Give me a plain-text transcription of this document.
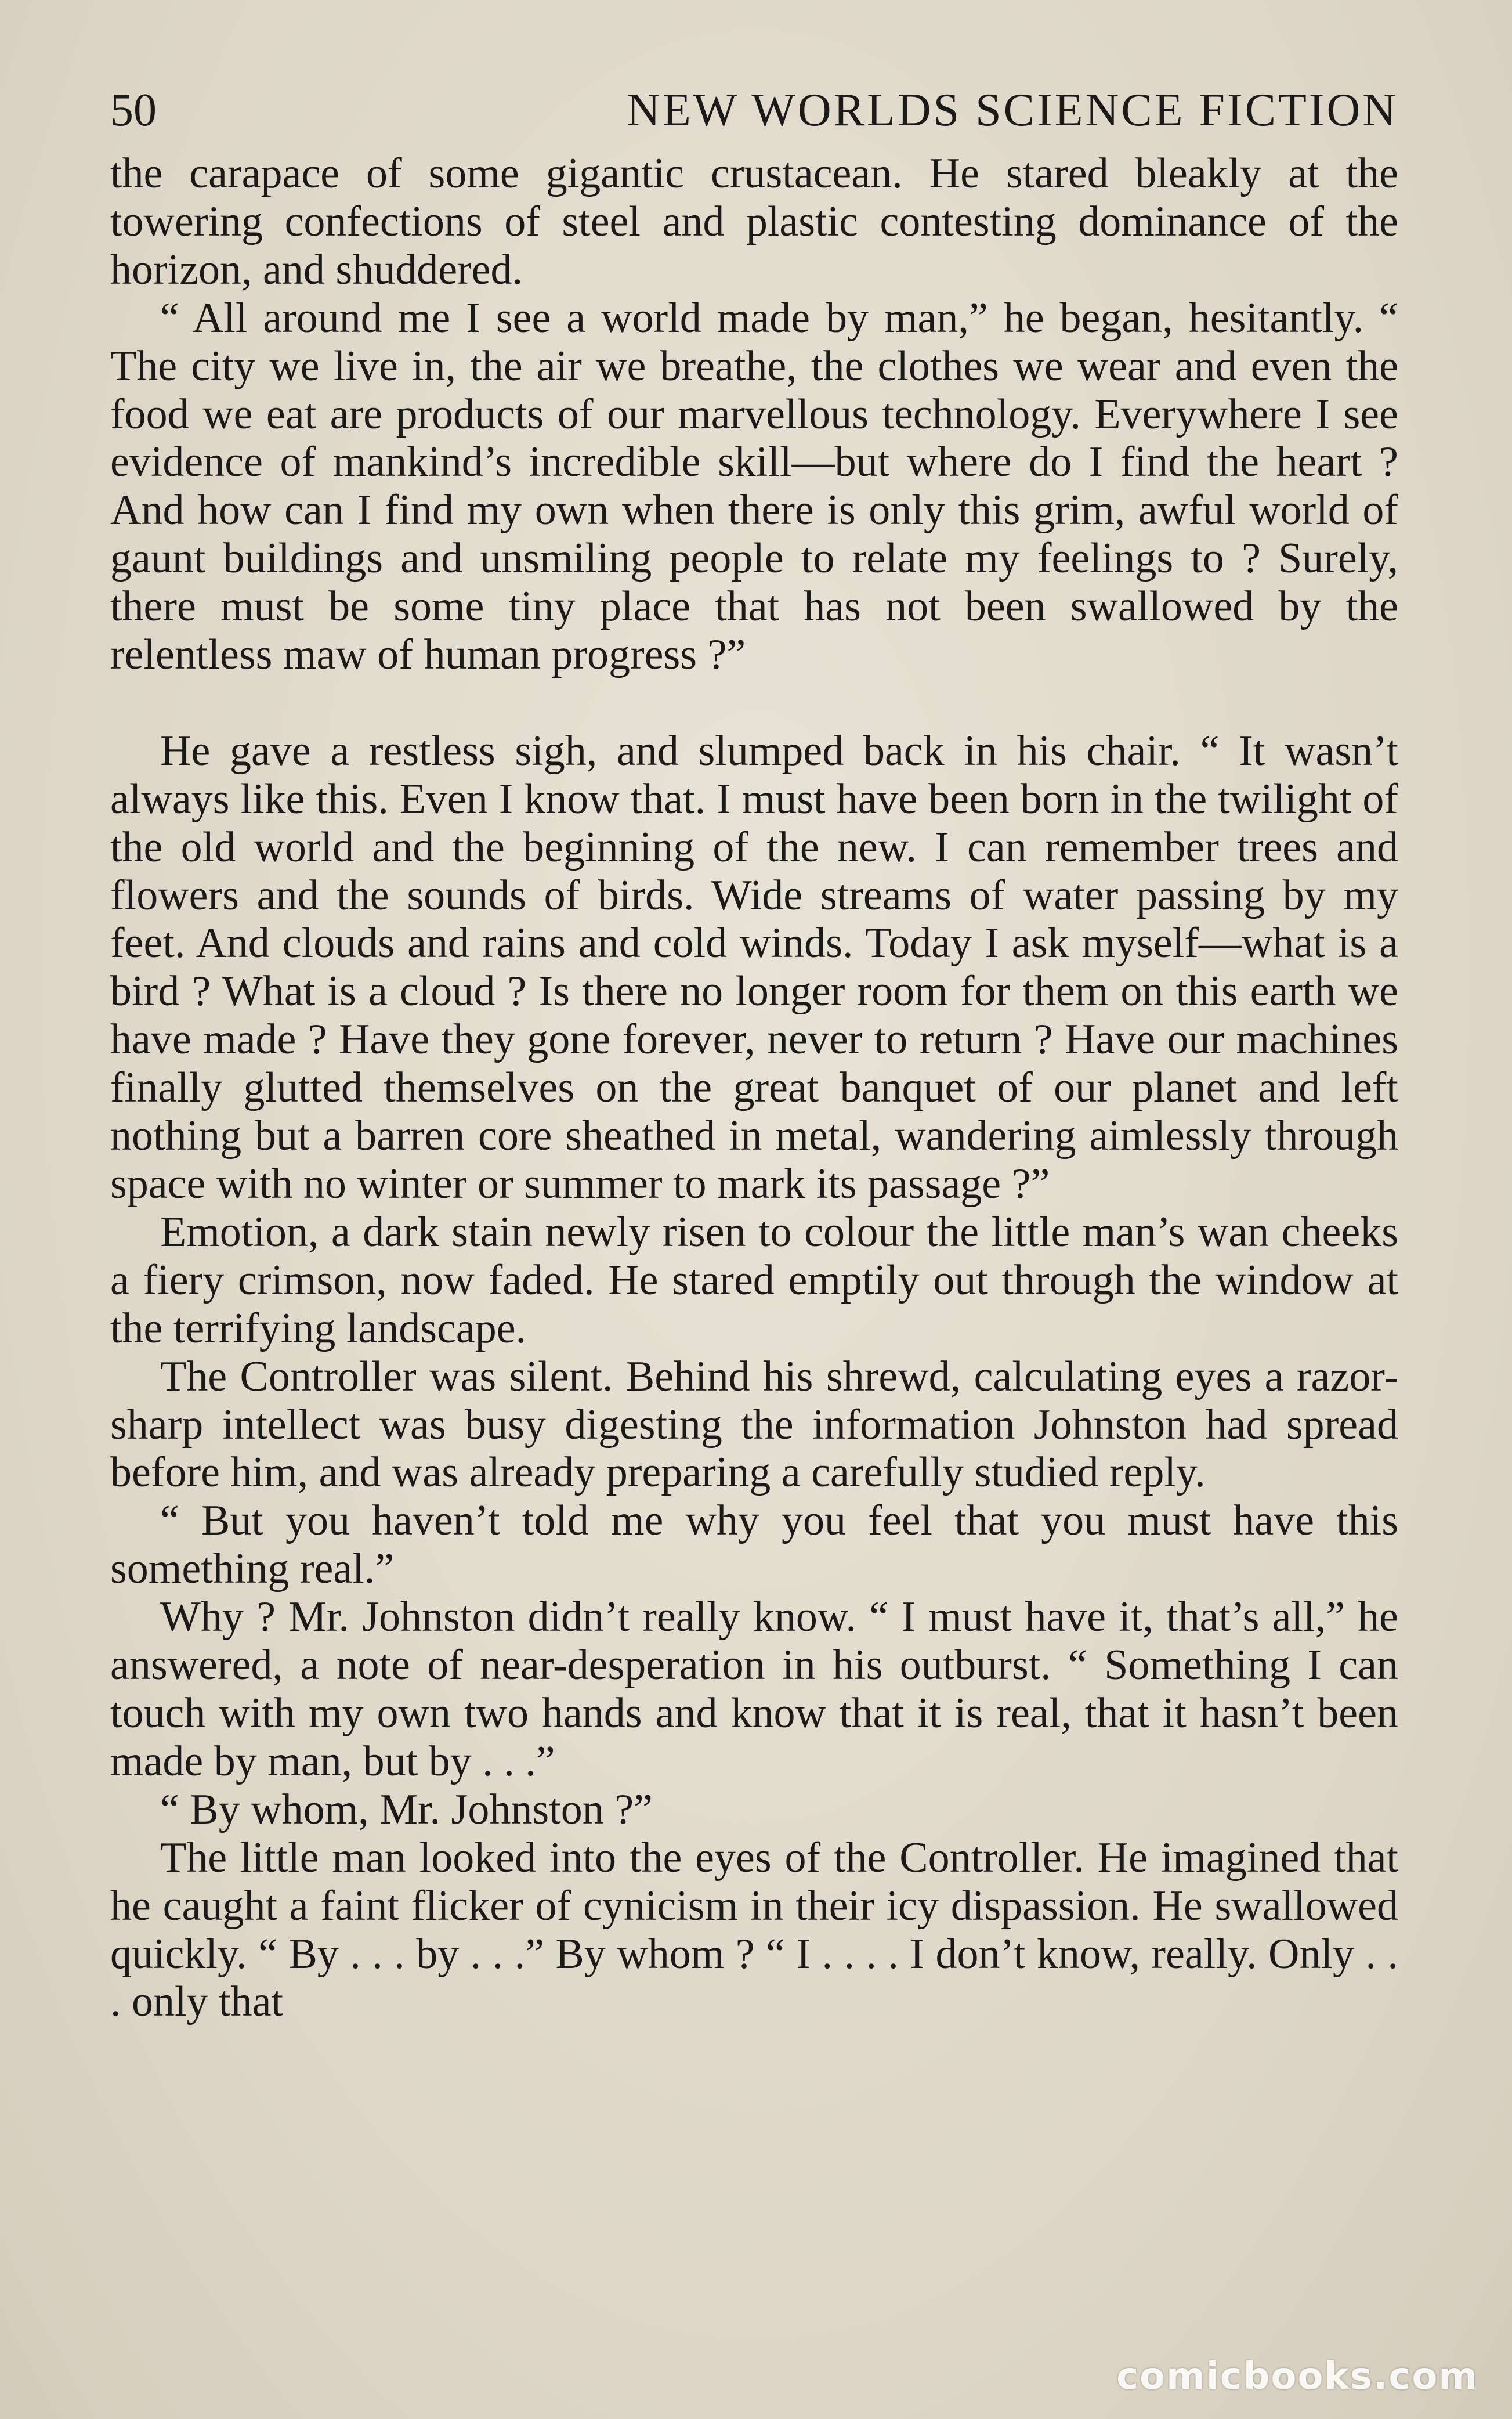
50	NEW WORLDS SCIENCE FICTION

the carapace of some gigantic crustacean. He stared bleakly at the towering confections of steel and plastic contesting dominance of the horizon, and shuddered.

“ All around me I see a world made by man,” he began, hesitantly. “ The city we live in, the air we breathe, the clothes we wear and even the food we eat are products of our marvellous technology. Everywhere I see evidence of mankind’s incredible skill—but where do I find the heart ? And how can I find my own when there is only this grim, awful world of gaunt buildings and unsmiling people to relate my feelings to ? Surely, there must be some tiny place that has not been swallowed by the relentless maw of human progress ?”

He gave a restless sigh, and slumped back in his chair. “ It wasn’t always like this. Even I know that. I must have been born in the twilight of the old world and the beginning of the new. I can remember trees and flowers and the sounds of birds. Wide streams of water passing by my feet. And clouds and rains and cold winds. Today I ask myself—what is a bird ? What is a cloud ? Is there no longer room for them on this earth we have made ? Have they gone forever, never to return ? Have our machines finally glutted themselves on the great banquet of our planet and left nothing but a barren core sheathed in metal, wandering aimlessly through space with no winter or summer to mark its passage ?”

Emotion, a dark stain newly risen to colour the little man’s wan cheeks a fiery crimson, now faded. He stared emptily out through the window at the terrifying landscape.

The Controller was silent. Behind his shrewd, calculating eyes a razor-sharp intellect was busy digesting the information Johnston had spread before him, and was already preparing a carefully studied reply.

“ But you haven’t told me why you feel that you must have this something real.”

Why ? Mr. Johnston didn’t really know. “ I must have it, that’s all,” he answered, a note of near-desperation in his outburst. “ Something I can touch with my own two hands and know that it is real, that it hasn’t been made by man, but by . . .”

“ By whom, Mr. Johnston ?”

The little man looked into the eyes of the Controller. He imagined that he caught a faint flicker of cynicism in their icy dispassion. He swallowed quickly. “ By . . . by . . .” By whom ? “ I . . . . I don’t know, really. Only . . . only that

comicbooks.com
